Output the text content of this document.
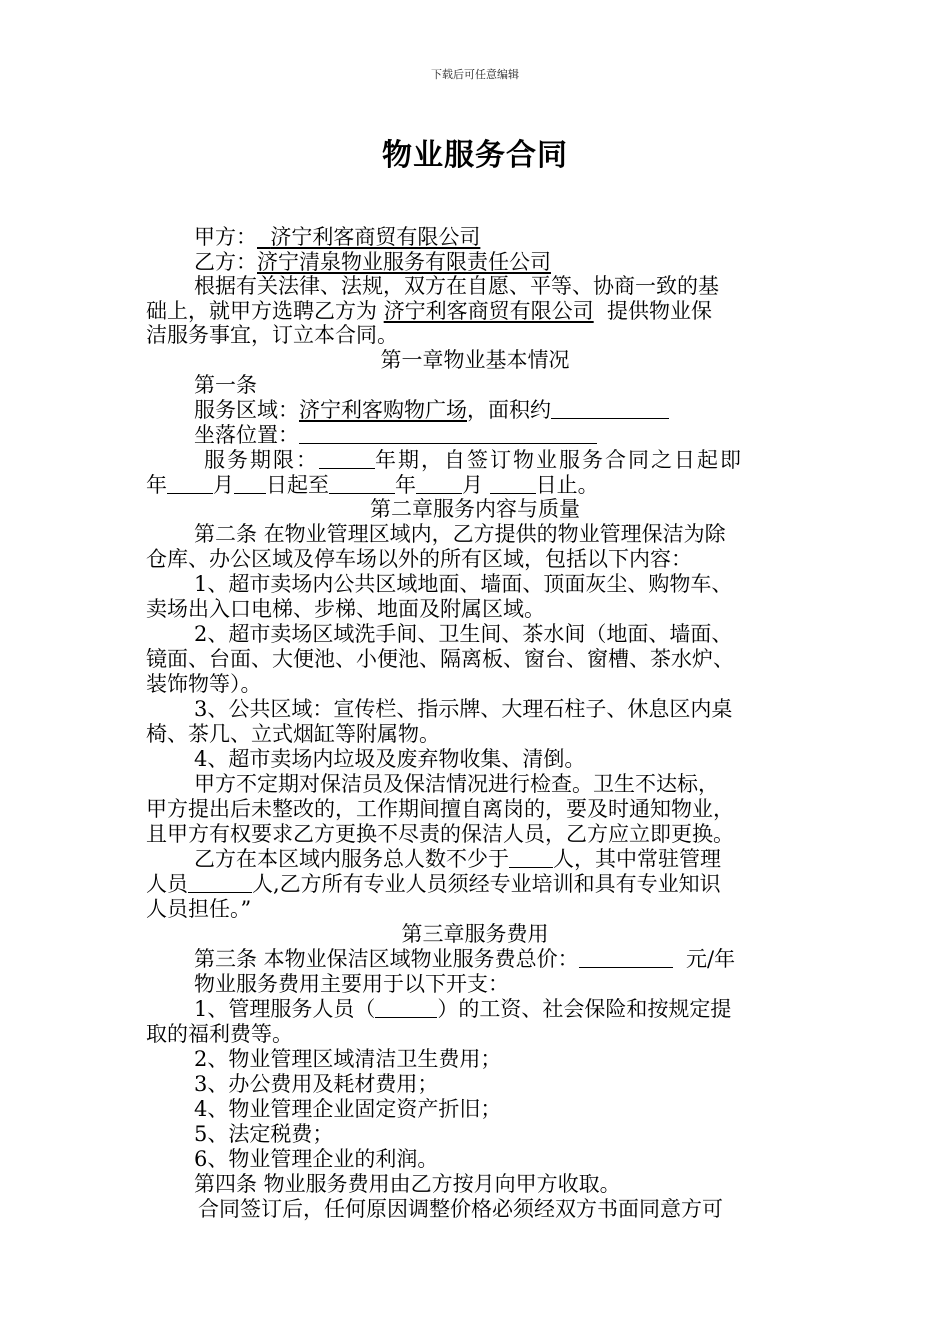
下载后可任意编辑
物业服务合同
甲方： 济宁利客商贸有限公司
乙方：济宁清泉物业服务有限责任公司
根据有关法律、法规，双方在自愿、平等、协商一致的基
础上，就甲方选聘乙方为 济宁利客商贸有限公司 提供物业保
洁服务事宜，订立本合同。
第一章物业基本情况
第一条
服务区域：济宁利客购物广场，面积约
坐落位置：
服务期限：	年期，自签订物业服务合同之日起即
年 月 日起至	年 月	日止。
第二章服务内容与质量
第二条 在物业管理区域内，乙方提供的物业管理保洁为除
仓库、办公区域及停车场以外的所有区域，包括以下内容：
1、超市卖场内公共区域地面、墙面、顶面灰尘、购物车、
卖场出入口电梯、步梯、地面及附属区域。
2、超市卖场区域洗手间、卫生间、茶水间（地面、墙面、
镜面、台面、大便池、小便池、隔离板、窗台、窗槽、茶水炉、
装饰物等）。
3、公共区域：宣传栏、指示牌、大理石柱子、休息区内桌
椅、茶几、立式烟缸等附属物。
4、超市卖场内垃圾及废弃物收集、清倒。
甲方不定期对保洁员及保洁情况进行检查。卫生不达标，
甲方提出后未整改的，工作期间擅自离岗的，要及时通知物业，
且甲方有权要求乙方更换不尽责的保洁人员，乙方应立即更换。
乙方在本区域内服务总人数不少于 人，其中常驻管理
人员	人,乙方所有专业人员须经专业培训和具有专业知识
人员担任。”
第三章服务费用
第三条 本物业保洁区域物业服务费总价：	元/年
物业服务费用主要用于以下开支：
1、管理服务人员（	）的工资、社会保险和按规定提
取的福利费等。
2、物业管理区域清洁卫生费用；
3、办公费用及耗材费用；
4、物业管理企业固定资产折旧；
5、法定税费；
6、物业管理企业的利润。
第四条 物业服务费用由乙方按月向甲方收取。
合同签订后，任何原因调整价格必须经双方书面同意方可
